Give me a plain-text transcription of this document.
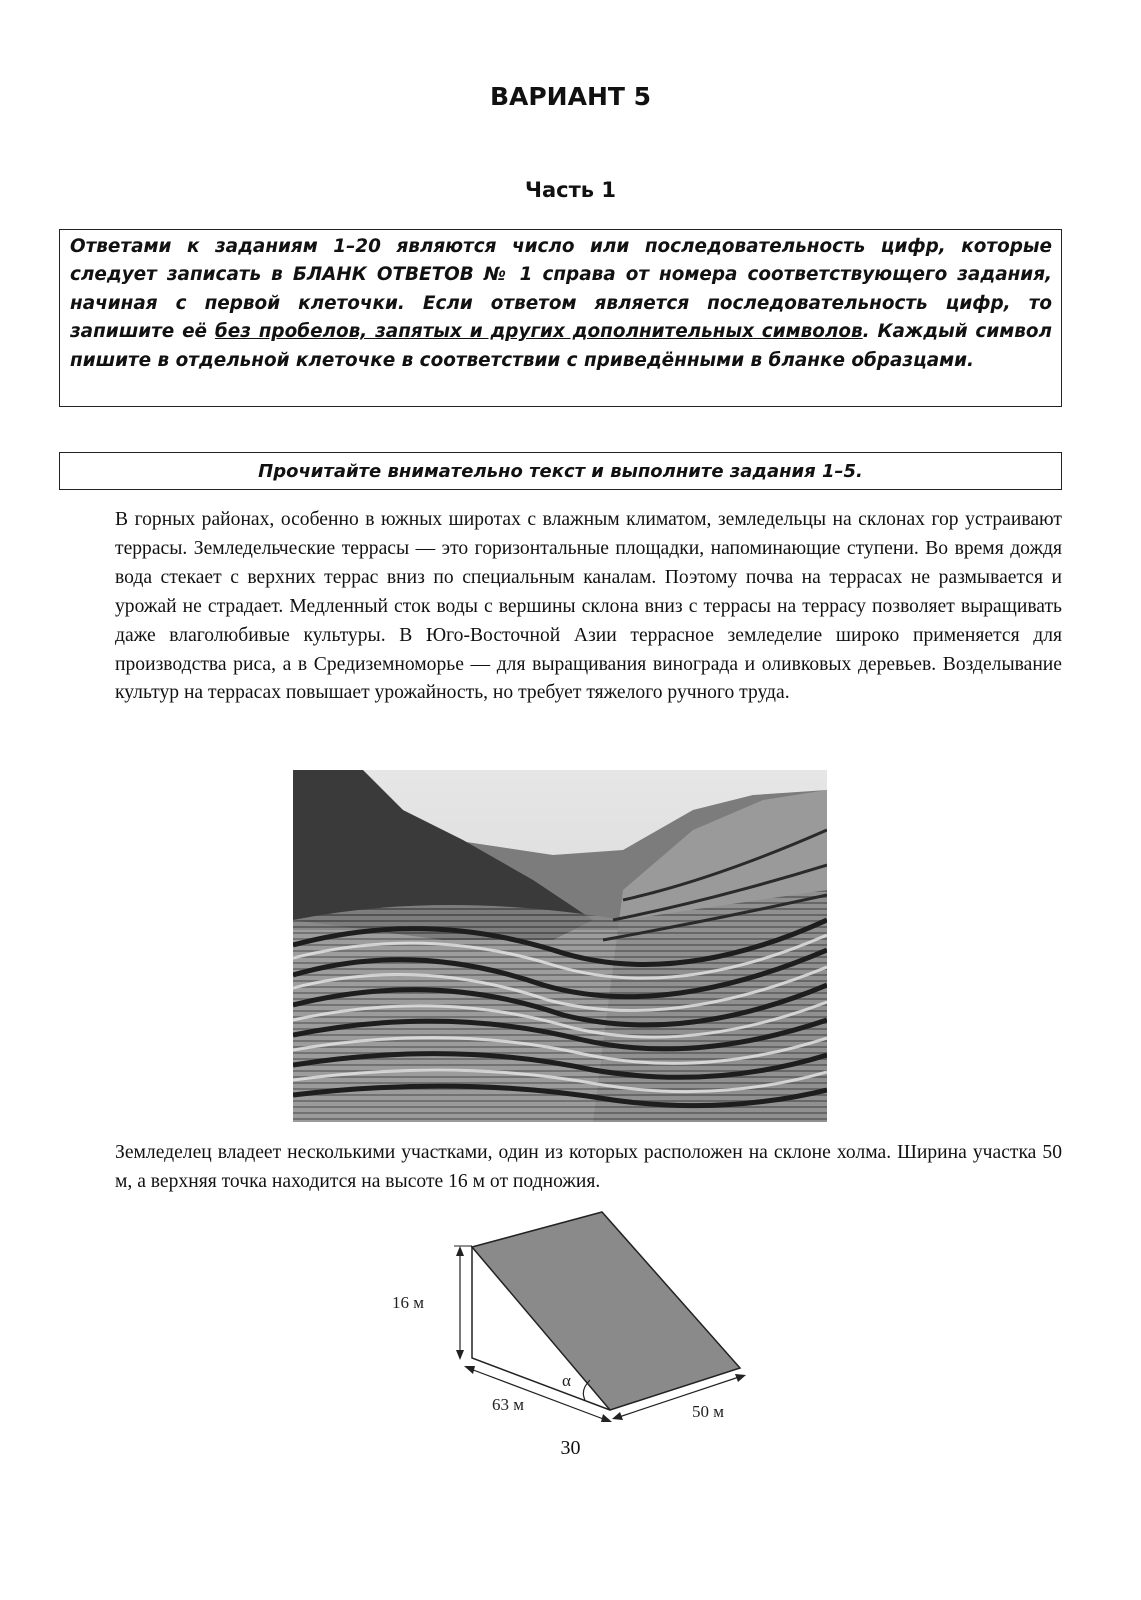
ВАРИАНТ 5
Часть 1
Ответами к заданиям 1–20 являются число или последовательность цифр, которые следует записать в БЛАНК ОТВЕТОВ № 1 справа от номера соответствующего задания, начиная с первой клеточки. Если ответом является последовательность цифр, то запишите её без пробелов, запятых и других дополнительных символов. Каждый символ пишите в отдельной клеточке в соответствии с приведёнными в бланке образцами.
Прочитайте внимательно текст и выполните задания 1–5.
В горных районах, особенно в южных широтах с влажным климатом, земледельцы на склонах гор устраивают террасы. Земледельческие террасы — это горизонтальные площадки, напоминающие ступени. Во время дождя вода стекает с верхних террас вниз по специальным каналам. Поэтому почва на террасах не размывается и урожай не страдает. Медленный сток воды с вершины склона вниз с террасы на террасу позволяет выращивать даже влаголюбивые культуры. В Юго-Восточной Азии террасное земледелие широко применяется для производства риса, а в Средиземноморье — для выращивания винограда и оливковых деревьев. Возделывание культур на террасах повышает урожайность, но требует тяжелого ручного труда.
Земледелец владеет несколькими участками, один из которых расположен на склоне холма. Ширина участка 50 м, а верхняя точка находится на высоте 16 м от подножия.
16 м
63 м	50 м
α
30
